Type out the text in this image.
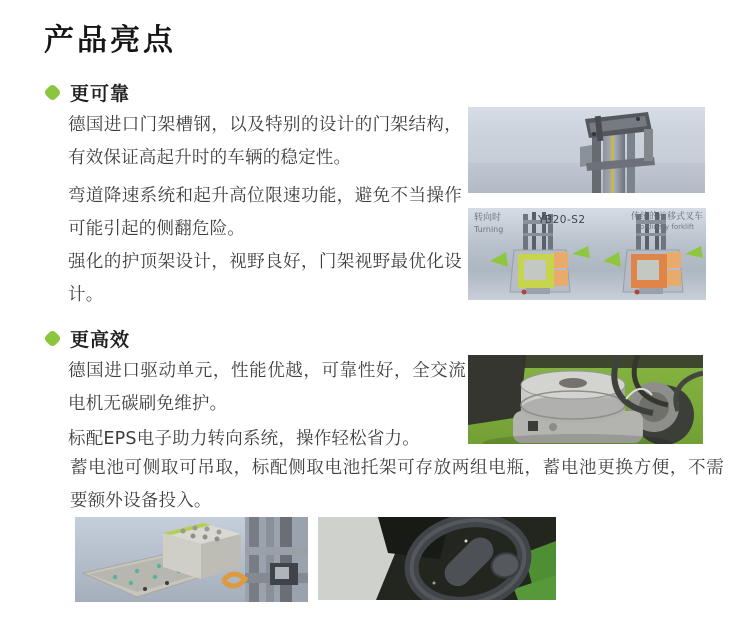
产品亮点
更可靠

德国进口门架槽钢，以及特别的设计的门架结构，有效保证高起升时的车辆的稳定性。

弯道降速系统和起升高位限速功能，避免不当操作可能引起的侧翻危险。

强化的护顶架设计，视野良好，门架视野最优化设计。

转向时
Turning
YB20-S2	传统的前移式叉车
ordinary forklift
更高效

德国进口驱动单元，性能优越，可靠性好，全交流电机无碳刷免维护。

标配EPS电子助力转向系统，操作轻松省力。

蓄电池可侧取可吊取，标配侧取电池托架可存放两组电瓶，蓄电池更换方便，不需要额外设备投入。
